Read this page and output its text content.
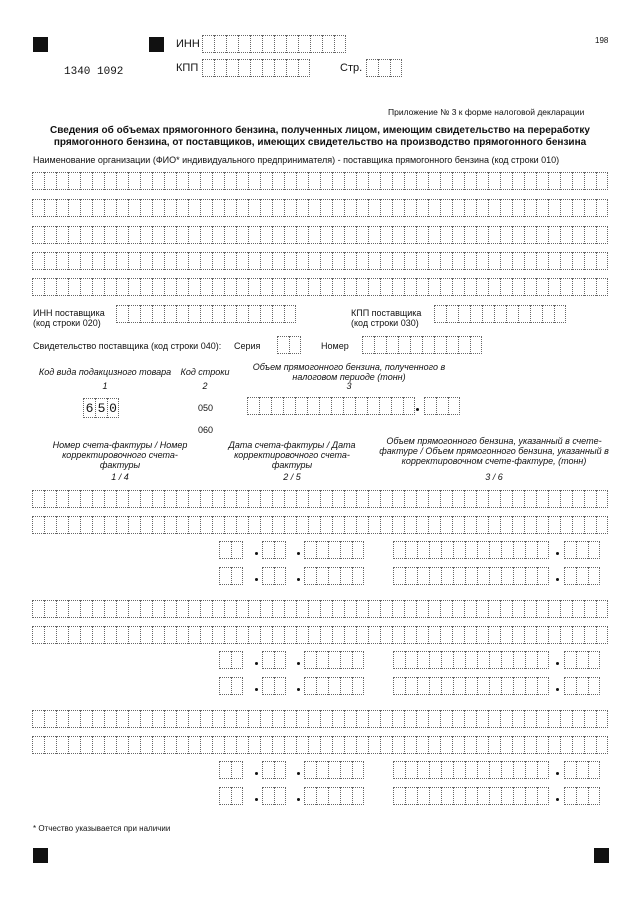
1340 1092
198
ИНН
КПП	Стр.
Приложение № 3 к форме налоговой декларации
Сведения об объемах прямогонного бензина, полученных лицом, имеющим свидетельство на переработку
прямогонного бензина, от поставщиков, имеющих свидетельство на производство прямогонного бензина
Наименование организации (ФИО* индивидуального предпринимателя) - поставщика прямогонного бензина (код строки 010)
ИНН поставщика
(код строки 020)
КПП поставщика
(код строки 030)
Свидетельство поставщика (код строки 040): Серия	Номер
Код вида подакцизного товара
1
Код строки
2
Объем прямогонного бензина, полученного в налоговом периоде (тонн)
3
6 5 0	050
060
Номер счета-фактуры / Номер корректировочного счета-фактуры
1 / 4
Дата счета-фактуры / Дата корректировочного счета-фактуры
2 / 5
Объем прямогонного бензина, указанный в счете-фактуре / Объем прямогонного бензина, указанный в корректировочном счете-фактуре, (тонн)
3 / 6
* Отчество указывается при наличии
